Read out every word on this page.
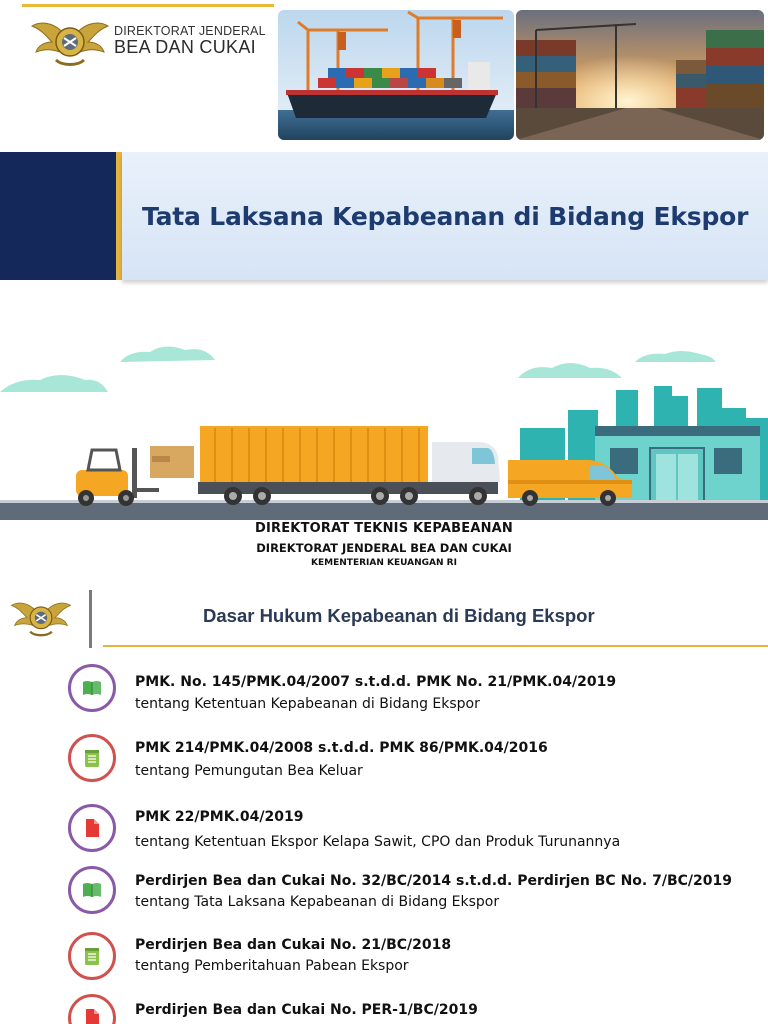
DIREKTORAT JENDERAL
BEA DAN CUKAI
Tata Laksana Kepabeanan di Bidang Ekspor
DIREKTORAT TEKNIS KEPABEANAN
DIREKTORAT JENDERAL BEA DAN CUKAI
KEMENTERIAN KEUANGAN RI
Dasar Hukum Kepabeanan di Bidang Ekspor
PMK. No. 145/PMK.04/2007 s.t.d.d. PMK No. 21/PMK.04/2019
tentang Ketentuan Kepabeanan di Bidang Ekspor
PMK 214/PMK.04/2008 s.t.d.d. PMK 86/PMK.04/2016
tentang Pemungutan Bea Keluar
PMK 22/PMK.04/2019
tentang Ketentuan Ekspor Kelapa Sawit, CPO dan Produk Turunannya
Perdirjen Bea dan Cukai No. 32/BC/2014 s.t.d.d. Perdirjen BC No. 7/BC/2019
tentang Tata Laksana Kepabeanan di Bidang Ekspor
Perdirjen Bea dan Cukai No. 21/BC/2018
tentang Pemberitahuan Pabean Ekspor
Perdirjen Bea dan Cukai No. PER-1/BC/2019
